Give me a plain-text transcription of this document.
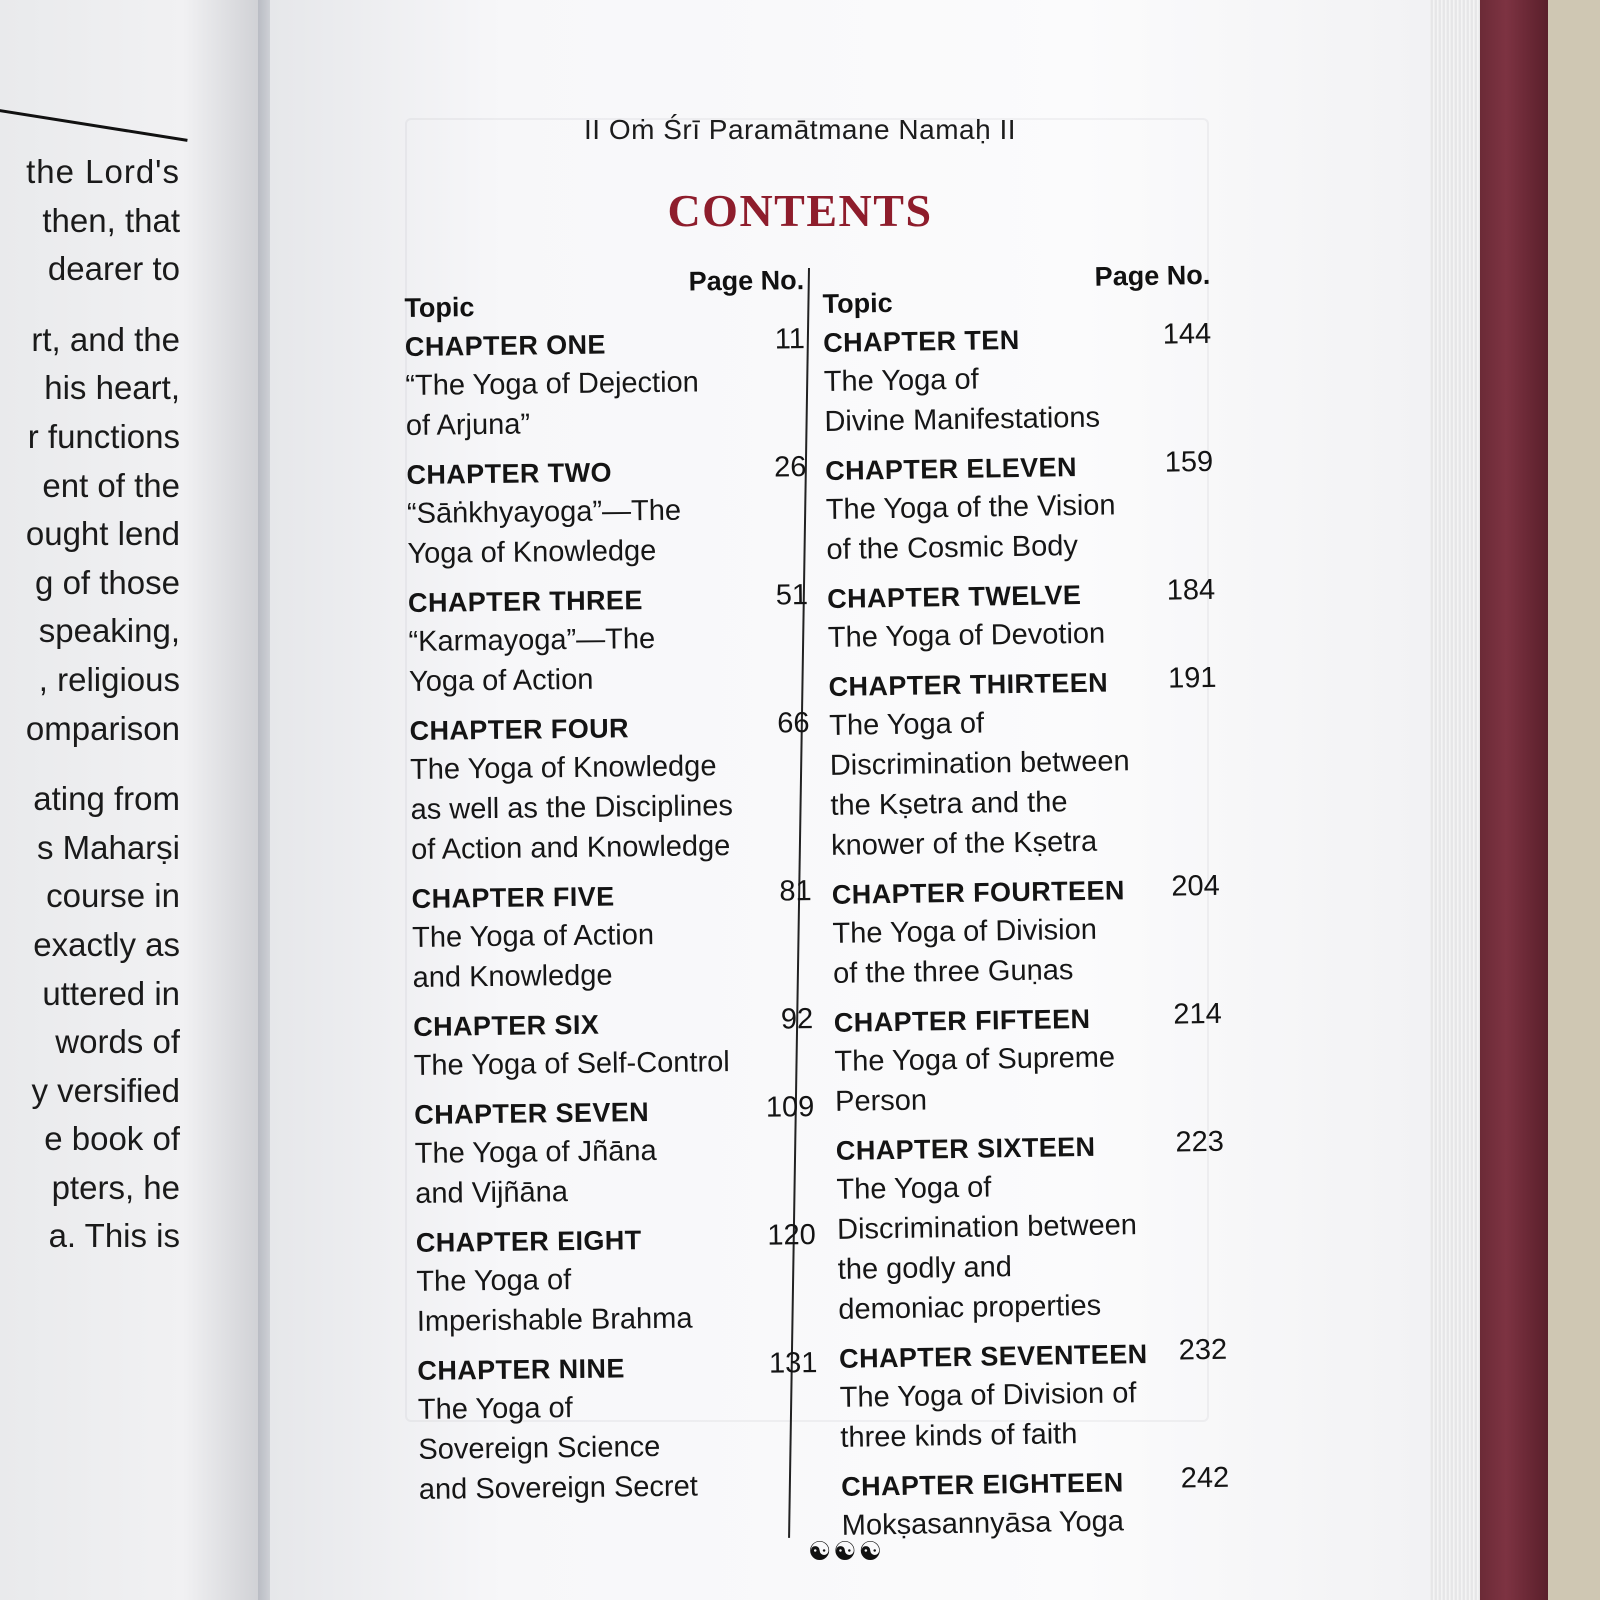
the Lord's
then, that
dearer to
rt, and the
his heart,
r functions
ent of the
ought lend
g of those
speaking,
, religious
omparison
ating from
s Maharṣi
course in
exactly as
uttered in
words of
y versified
e book of
pters, he
a. This is
II Oṁ Śrī Paramātmane Namaḥ II
CONTENTS
Topic
Page No.
CHAPTER ONE	11
“The Yoga of Dejection
of Arjuna”
CHAPTER TWO	26
“Sāṅkhyayoga”—The
Yoga of Knowledge
CHAPTER THREE	51
“Karmayoga”—The
Yoga of Action
CHAPTER FOUR	66
The Yoga of Knowledge
as well as the Disciplines
of Action and Knowledge
CHAPTER FIVE	81
The Yoga of Action
and Knowledge
CHAPTER SIX	92
The Yoga of Self-Control
CHAPTER SEVEN	109
The Yoga of Jñāna
and Vijñāna
CHAPTER EIGHT	120
The Yoga of
Imperishable Brahma
CHAPTER NINE	131
The Yoga of
Sovereign Science
and Sovereign Secret
Topic
Page No.
CHAPTER TEN	144
The Yoga of
Divine Manifestations
CHAPTER ELEVEN	159
The Yoga of the Vision
of the Cosmic Body
CHAPTER TWELVE	184
The Yoga of Devotion
CHAPTER THIRTEEN 191
The Yoga of
Discrimination between
the Kṣetra and the
knower of the Kṣetra
CHAPTER FOURTEEN 204
The Yoga of Division
of the three Guṇas
CHAPTER FIFTEEN	214
The Yoga of Supreme
Person
CHAPTER SIXTEEN	223
The Yoga of
Discrimination between
the godly and
demoniac properties
CHAPTER SEVENTEEN 232
The Yoga of Division of
three kinds of faith
CHAPTER EIGHTEEN 242
Mokṣasannyāsa Yoga
☯☯☯
